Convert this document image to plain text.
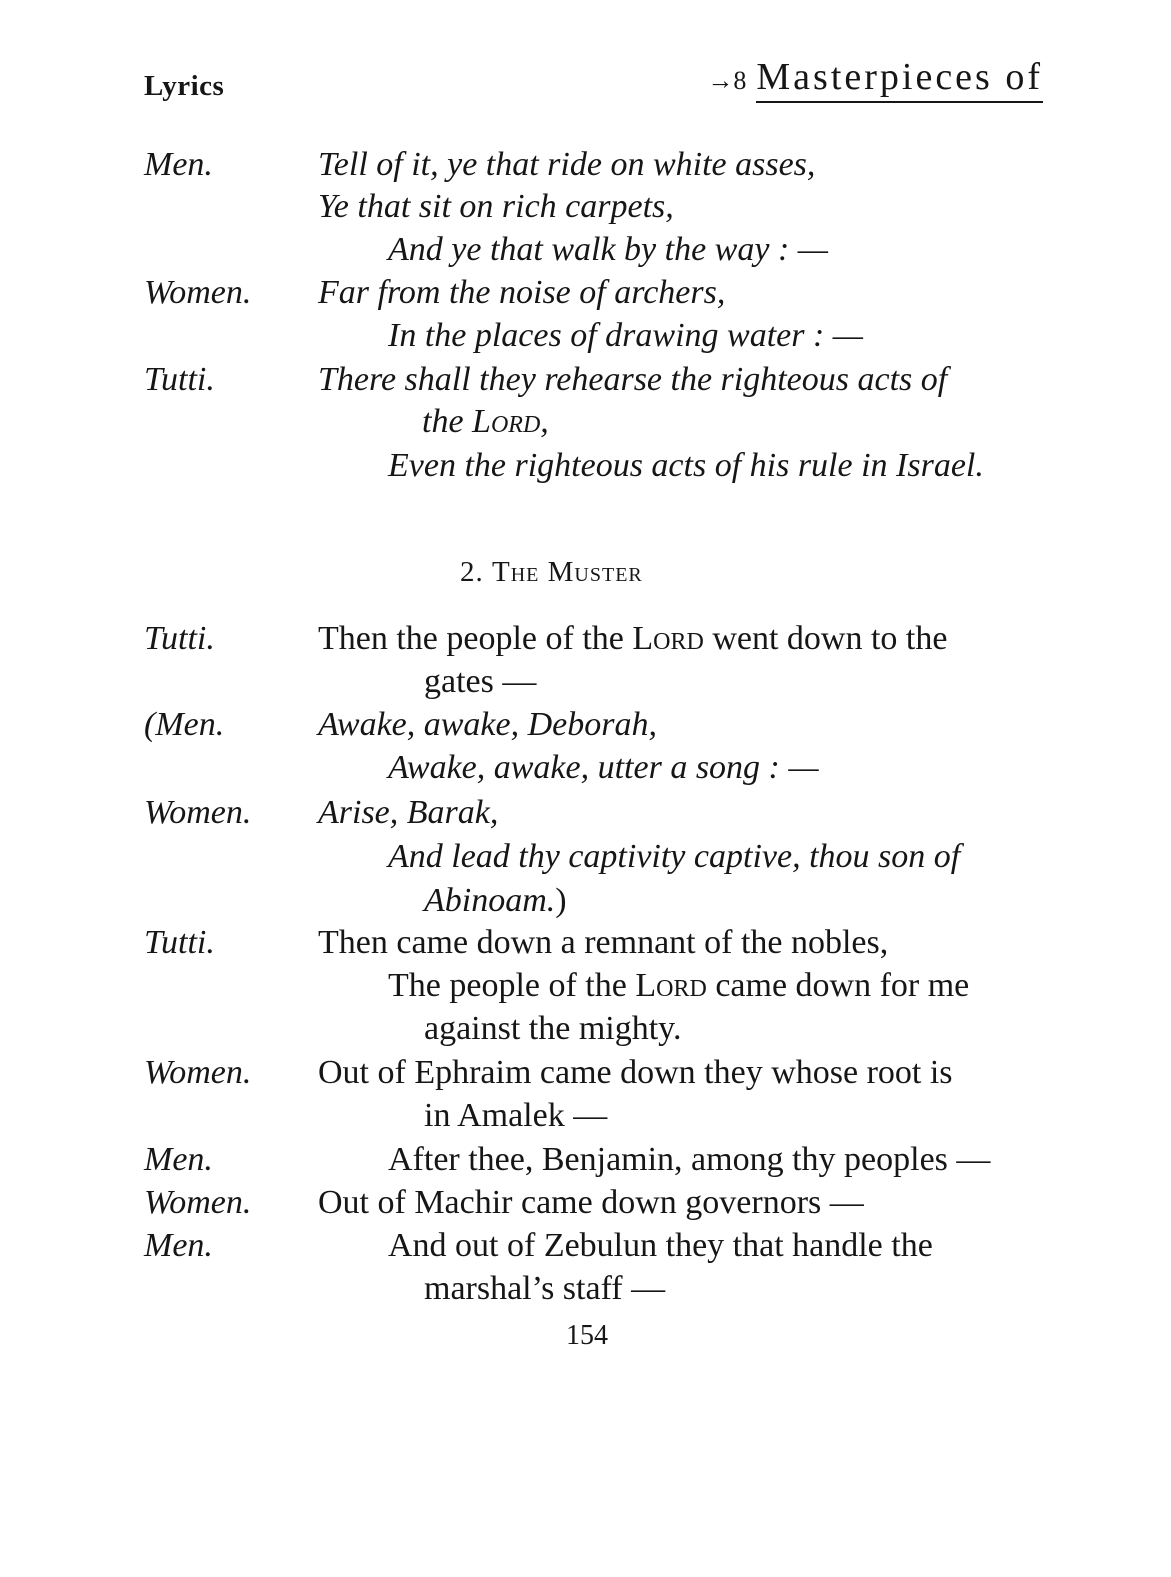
Lyrics	→8 Masterpieces of
Men.	Tell of it, ye that ride on white asses,
Ye that sit on rich carpets,
And ye that walk by the way : —
Women. Far from the noise of archers,
In the places of drawing water : —
Tutti.	There shall they rehearse the righteous acts of
the Lord,
Even the righteous acts of his rule in Israel.
2. The Muster
Tutti.	Then the people of the Lord went down to the
gates —
(Men.	Awake, awake, Deborah,
Awake, awake, utter a song : —
Women. Arise, Barak,
And lead thy captivity captive, thou son of
Abinoam.)
Tutti.	Then came down a remnant of the nobles,
The people of the Lord came down for me
against the mighty.
Women. Out of Ephraim came down they whose root is
in Amalek —
Men.	After thee, Benjamin, among thy peoples —
Women. Out of Machir came down governors —
Men.	And out of Zebulun they that handle the
marshal’s staff —
154
